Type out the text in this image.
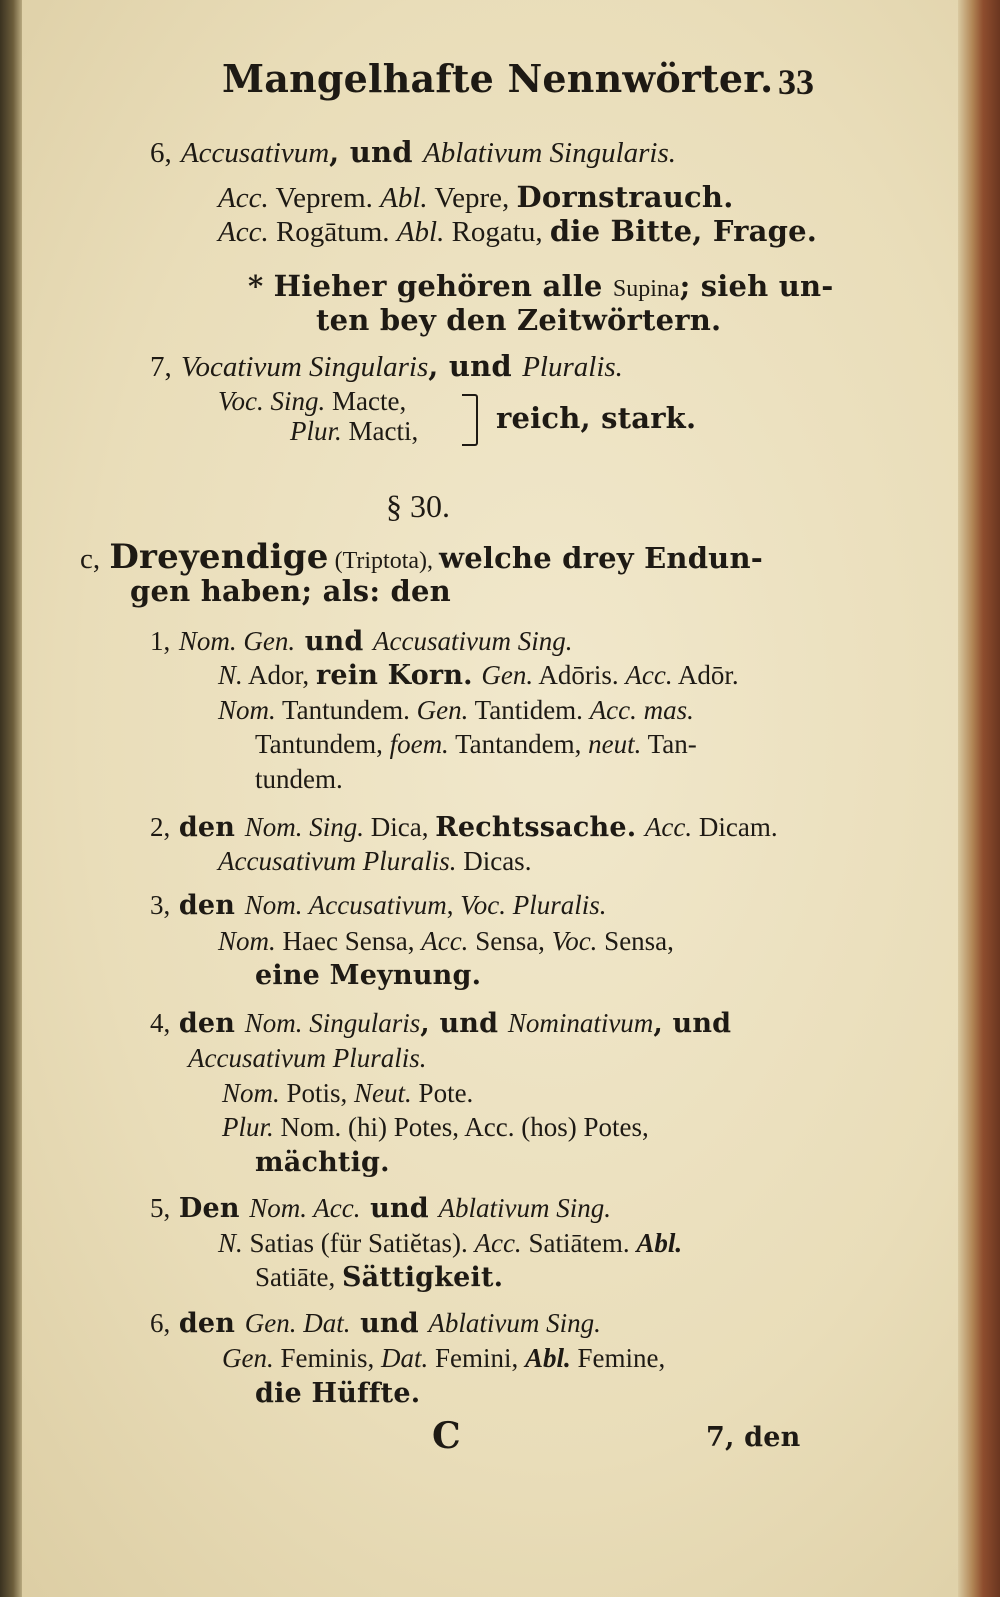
Mangelhafte Nennwörter. 33
6, Accusativum, und Ablativum Singularis.
Acc. Veprem. Abl. Vepre, Dornstrauch.
Acc. Rogātum. Abl. Rogatu, die Bitte, Frage.
* Hieher gehören alle Supina; sieh un-
ten bey den Zeitwörtern.
7, Vocativum Singularis, und Pluralis.
Voc. Sing. Macte,
Plur. Macti,	reich, stark.
§ 30.
c, Dreyendige (Triptota), welche drey Endun-
gen haben; als: den
1, Nom. Gen. und Accusativum Sing.
N. Ador, rein Korn. Gen. Adōris. Acc. Adōr.
Nom. Tantundem. Gen. Tantidem. Acc. mas.
Tantundem, foem. Tantandem, neut. Tan-
tundem.
2, den Nom. Sing. Dica, Rechtssache. Acc. Dicam.
Accusativum Pluralis. Dicas.
3, den Nom. Accusativum, Voc. Pluralis.
Nom. Haec Sensa, Acc. Sensa, Voc. Sensa,
eine Meynung.
4, den Nom. Singularis, und Nominativum, und
Accusativum Pluralis.
Nom. Potis, Neut. Pote.
Plur. Nom. (hi) Potes, Acc. (hos) Potes,
mächtig.
5, Den Nom. Acc. und Ablativum Sing.
N. Satias (für Satiĕtas). Acc. Satiātem. Abl.
Satiāte, Sättigkeit.
6, den Gen. Dat. und Ablativum Sing.
Gen. Feminis, Dat. Femini, Abl. Femine,
die Hüffte.
C	7, den
